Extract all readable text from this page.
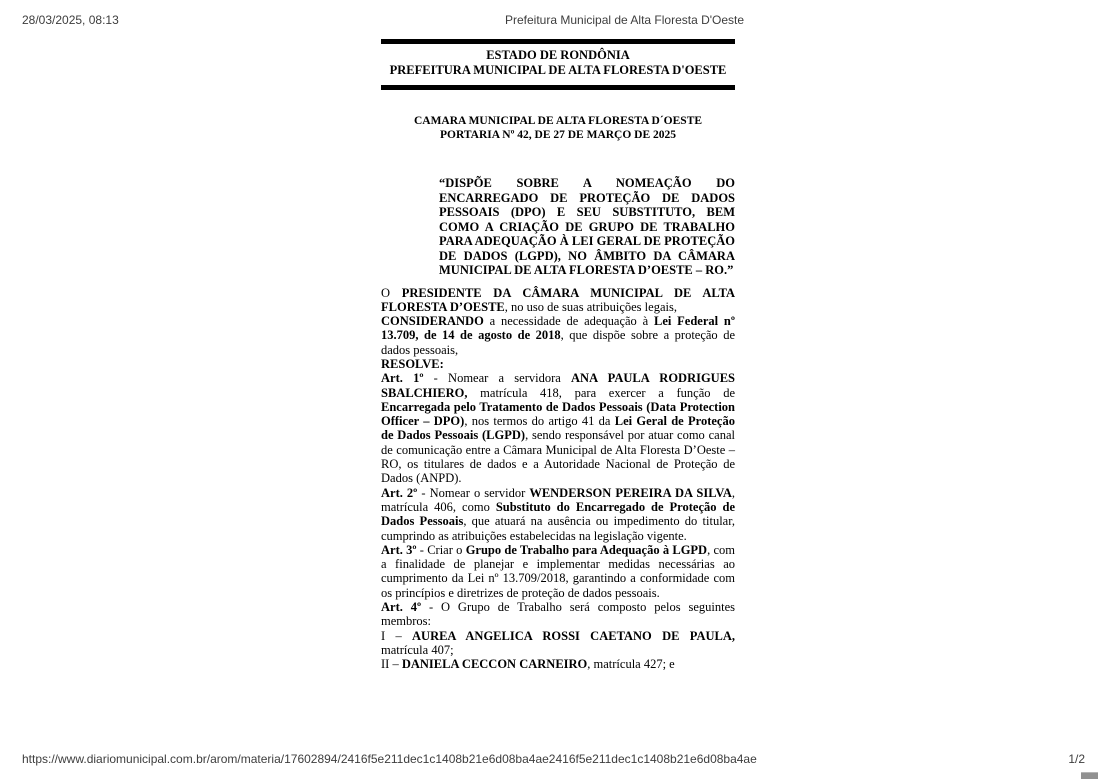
28/03/2025, 08:13	Prefeitura Municipal de Alta Floresta D'Oeste
ESTADO DE RONDÔNIA
PREFEITURA MUNICIPAL DE ALTA FLORESTA D'OESTE
CAMARA MUNICIPAL DE ALTA FLORESTA D´OESTE
PORTARIA Nº 42, DE 27 DE MARÇO DE 2025
“DISPÕE SOBRE A NOMEAÇÃO DO ENCARREGADO DE PROTEÇÃO DE DADOS PESSOAIS (DPO) E SEU SUBSTITUTO, BEM COMO A CRIAÇÃO DE GRUPO DE TRABALHO PARA ADEQUAÇÃO À LEI GERAL DE PROTEÇÃO DE DADOS (LGPD), NO ÂMBITO DA CÂMARA MUNICIPAL DE ALTA FLORESTA D’OESTE – RO.”

O PRESIDENTE DA CÂMARA MUNICIPAL DE ALTA FLORESTA D’OESTE, no uso de suas atribuições legais,

CONSIDERANDO a necessidade de adequação à Lei Federal nº 13.709, de 14 de agosto de 2018, que dispõe sobre a proteção de dados pessoais,

RESOLVE:

Art. 1º - Nomear a servidora ANA PAULA RODRIGUES SBALCHIERO, matrícula 418, para exercer a função de Encarregada pelo Tratamento de Dados Pessoais (Data Protection Officer – DPO), nos termos do artigo 41 da Lei Geral de Proteção de Dados Pessoais (LGPD), sendo responsável por atuar como canal de comunicação entre a Câmara Municipal de Alta Floresta D’Oeste – RO, os titulares de dados e a Autoridade Nacional de Proteção de Dados (ANPD).

Art. 2º - Nomear o servidor WENDERSON PEREIRA DA SILVA, matrícula 406, como Substituto do Encarregado de Proteção de Dados Pessoais, que atuará na ausência ou impedimento do titular, cumprindo as atribuições estabelecidas na legislação vigente.

Art. 3º - Criar o Grupo de Trabalho para Adequação à LGPD, com a finalidade de planejar e implementar medidas necessárias ao cumprimento da Lei nº 13.709/2018, garantindo a conformidade com os princípios e diretrizes de proteção de dados pessoais.

Art. 4º - O Grupo de Trabalho será composto pelos seguintes membros:

I – AUREA ANGELICA ROSSI CAETANO DE PAULA, matrícula 407;

II – DANIELA CECCON CARNEIRO, matrícula 427; e

https://www.diariomunicipal.com.br/arom/materia/17602894/2416f5e211dec1c1408b21e6d08ba4ae2416f5e211dec1c1408b21e6d08ba4ae	1/2
